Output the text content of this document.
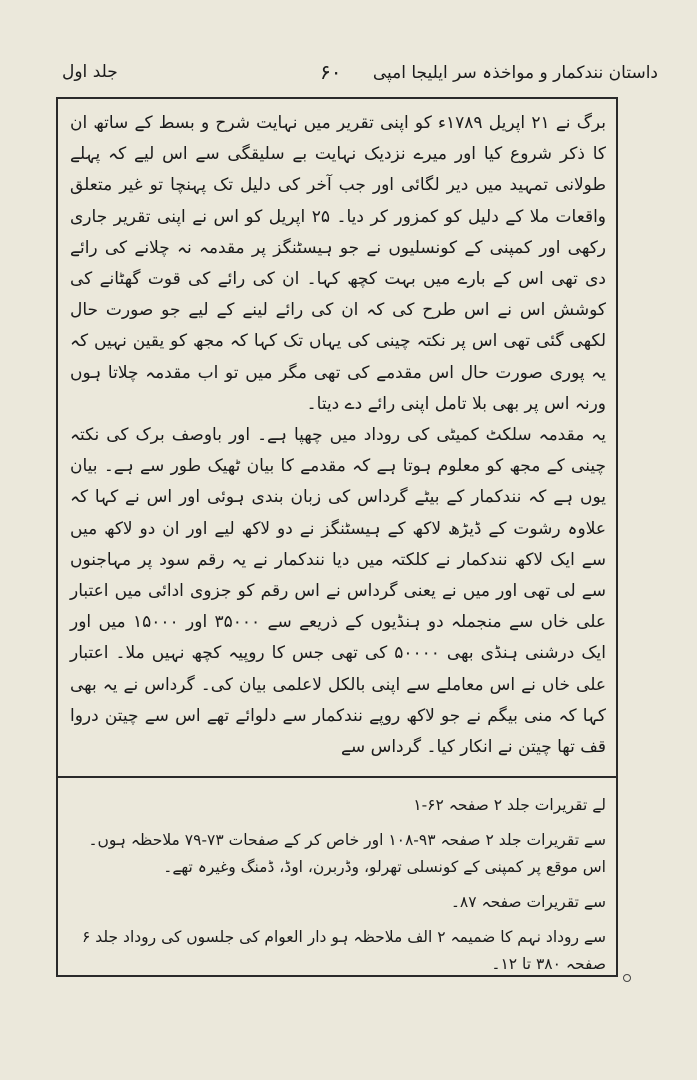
داستان نندکمار و مواخذہ سر ایلیجا امپی
۶۰
جلد اول

برگ نے ۲۱ اپریل ۱۷۸۹ء کو اپنی تقریر میں نہایت شرح و بسط کے ساتھ ان کا ذکر شروع کیا اور میرے نزدیک نہایت بے سلیقگی سے اس لیے کہ پہلے طولانی تمہید میں دیر لگائی اور جب آخر کی دلیل تک پہنچا تو غیر متعلق واقعات ملا کے دلیل کو کمزور کر دیا۔ ۲۵ اپریل کو اس نے اپنی تقریر جاری رکھی اور کمپنی کے کونسلیوں نے جو ہیسٹنگز پر مقدمہ نہ چلانے کی رائے دی تھی اس کے بارے میں بہت کچھ کہا۔ ان کی رائے کی قوت گھٹانے کی کوشش اس نے اس طرح کی کہ ان کی رائے لینے کے لیے جو صورت حال لکھی گئی تھی اس پر نکتہ چینی کی یہاں تک کہا کہ مجھ کو یقین نہیں کہ یہ پوری صورت حال اس مقدمے کی تھی مگر میں تو اب مقدمہ چلاتا ہوں ورنہ اس پر بھی بلا تامل اپنی رائے دے دیتا۔

یہ مقدمہ سلکٹ کمیٹی کی روداد میں چھپا ہے۔ اور باوصف برک کی نکتہ چینی کے مجھ کو معلوم ہوتا ہے کہ مقدمے کا بیان ٹھیک طور سے ہے۔ بیان یوں ہے کہ نندکمار کے بیٹے گرداس کی زبان بندی ہوئی اور اس نے کہا کہ علاوہ رشوت کے ڈیڑھ لاکھ کے ہیسٹنگز نے دو لاکھ لیے اور ان دو لاکھ میں سے ایک لاکھ نندکمار نے کلکتہ میں دیا نندکمار نے یہ رقم سود پر مہاجنوں سے لی تھی اور میں نے یعنی گرداس نے اس رقم کو جزوی ادائی میں اعتبار علی خاں سے منجملہ دو ہنڈیوں کے ذریعے سے ۳۵۰۰۰ اور ۱۵۰۰۰ میں اور ایک درشنی ہنڈی بھی ۵۰۰۰۰ کی تھی جس کا روپیہ کچھ نہیں ملا۔ اعتبار علی خاں نے اس معاملے سے اپنی بالکل لاعلمی بیان کی۔ گرداس نے یہ بھی کہا کہ منی بیگم نے جو لاکھ روپے نندکمار سے دلوائے تھے اس سے چیتن دروا قف تھا چیتن نے انکار کیا۔ گرداس سے

لے تقریرات جلد ۲ صفحہ ۶۲-۱

سے تقریرات جلد ۲ صفحہ ۹۳-۱۰۸ اور خاص کر کے صفحات ۷۳-۷۹ ملاحظہ ہوں۔ اس موقع پر کمپنی کے کونسلی تھرلو، وڈربرن، اوڈ، ڈمنگ وغیرہ تھے۔

سے تقریرات صفحہ ۸۷۔

سے روداد نہم کا ضمیمہ ۲ الف ملاحظہ ہو دار العوام کی جلسوں کی روداد جلد ۶ صفحہ ۳۸۰ تا ۱۲۔
